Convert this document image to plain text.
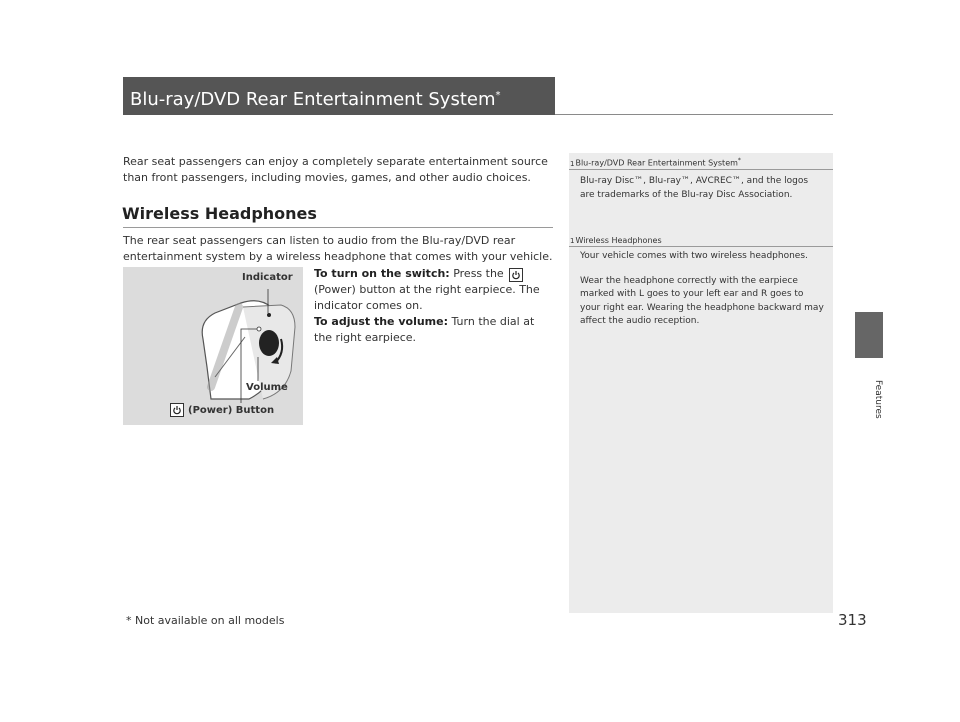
Blu-ray/DVD Rear Entertainment System*
Features
Rear seat passengers can enjoy a completely separate entertainment source than front passengers, including movies, games, and other audio choices.
Wireless Headphones
The rear seat passengers can listen to audio from the Blu-ray/DVD rear entertainment system by a wireless headphone that comes with your vehicle.
Indicator
Volume
(Power) Button
To turn on the switch: Press the
(Power) button at the right earpiece. The indicator comes on.
To adjust the volume: Turn the dial at the right earpiece.
1Blu-ray/DVD Rear Entertainment System*
Blu-ray Disc™, Blu-ray™, AVCREC™, and the logos are trademarks of the Blu-ray Disc Association.
1Wireless Headphones

Your vehicle comes with two wireless headphones.

Wear the headphone correctly with the earpiece marked with L goes to your left ear and R goes to your right ear. Wearing the headphone backward may affect the audio reception.

313
* Not available on all models
